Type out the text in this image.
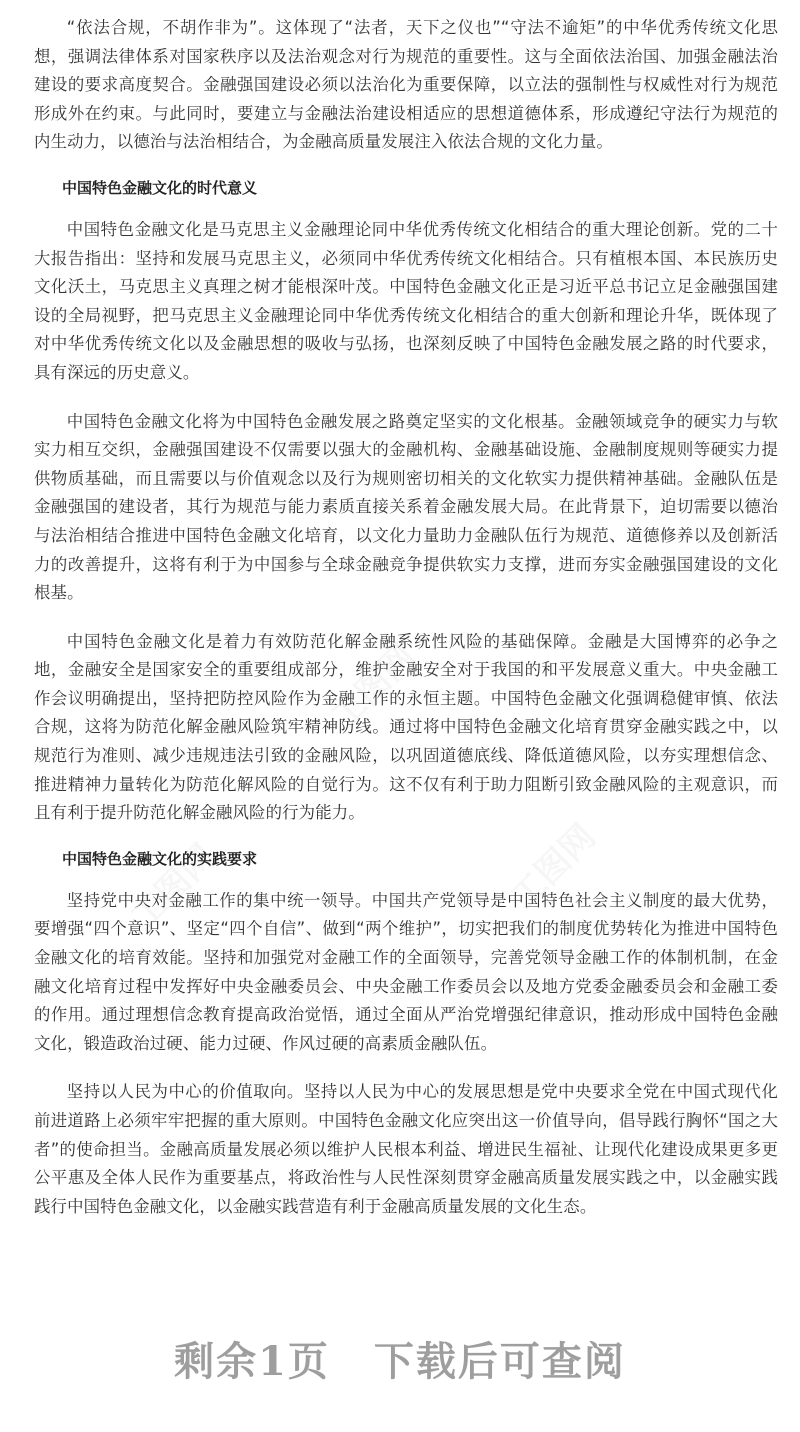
“依法合规，不胡作非为”。这体现了“法者，天下之仪也”“守法不逾矩”的中华优秀传统文化思想，强调法律体系对国家秩序以及法治观念对行为规范的重要性。这与全面依法治国、加强金融法治建设的要求高度契合。金融强国建设必须以法治化为重要保障，以立法的强制性与权威性对行为规范形成外在约束。与此同时，要建立与金融法治建设相适应的思想道德体系，形成遵纪守法行为规范的内生动力，以德治与法治相结合，为金融高质量发展注入依法合规的文化力量。

中国特色金融文化的时代意义

中国特色金融文化是马克思主义金融理论同中华优秀传统文化相结合的重大理论创新。党的二十大报告指出：坚持和发展马克思主义，必须同中华优秀传统文化相结合。只有植根本国、本民族历史文化沃土，马克思主义真理之树才能根深叶茂。中国特色金融文化正是习近平总书记立足金融强国建设的全局视野，把马克思主义金融理论同中华优秀传统文化相结合的重大创新和理论升华，既体现了对中华优秀传统文化以及金融思想的吸收与弘扬，也深刻反映了中国特色金融发展之路的时代要求，具有深远的历史意义。

中国特色金融文化将为中国特色金融发展之路奠定坚实的文化根基。金融领域竞争的硬实力与软实力相互交织，金融强国建设不仅需要以强大的金融机构、金融基础设施、金融制度规则等硬实力提供物质基础，而且需要以与价值观念以及行为规则密切相关的文化软实力提供精神基础。金融队伍是金融强国的建设者，其行为规范与能力素质直接关系着金融发展大局。在此背景下，迫切需要以德治与法治相结合推进中国特色金融文化培育，以文化力量助力金融队伍行为规范、道德修养以及创新活力的改善提升，这将有利于为中国参与全球金融竞争提供软实力支撑，进而夯实金融强国建设的文化根基。

中国特色金融文化是着力有效防范化解金融系统性风险的基础保障。金融是大国博弈的必争之地，金融安全是国家安全的重要组成部分，维护金融安全对于我国的和平发展意义重大。中央金融工作会议明确提出，坚持把防控风险作为金融工作的永恒主题。中国特色金融文化强调稳健审慎、依法合规，这将为防范化解金融风险筑牢精神防线。通过将中国特色金融文化培育贯穿金融实践之中，以规范行为准则、减少违规违法引致的金融风险，以巩固道德底线、降低道德风险，以夯实理想信念、推进精神力量转化为防范化解风险的自觉行为。这不仅有利于助力阻断引致金融风险的主观意识，而且有利于提升防范化解金融风险的行为能力。

中国特色金融文化的实践要求

坚持党中央对金融工作的集中统一领导。中国共产党领导是中国特色社会主义制度的最大优势，要增强“四个意识”、坚定“四个自信”、做到“两个维护”，切实把我们的制度优势转化为推进中国特色金融文化的培育效能。坚持和加强党对金融工作的全面领导，完善党领导金融工作的体制机制，在金融文化培育过程中发挥好中央金融委员会、中央金融工作委员会以及地方党委金融委员会和金融工委的作用。通过理想信念教育提高政治觉悟，通过全面从严治党增强纪律意识，推动形成中国特色金融文化，锻造政治过硬、能力过硬、作风过硬的高素质金融队伍。

坚持以人民为中心的价值取向。坚持以人民为中心的发展思想是党中央要求全党在中国式现代化前进道路上必须牢牢把握的重大原则。中国特色金融文化应突出这一价值导向，倡导践行胸怀“国之大者”的使命担当。金融高质量发展必须以维护人民根本利益、增进民生福祉、让现代化建设成果更多更公平惠及全体人民作为重要基点，将政治性与人民性深刻贯穿金融高质量发展实践之中，以金融实践践行中国特色金融文化，以金融实践营造有利于金融高质量发展的文化生态。

剩余1页 下载后可查阅
